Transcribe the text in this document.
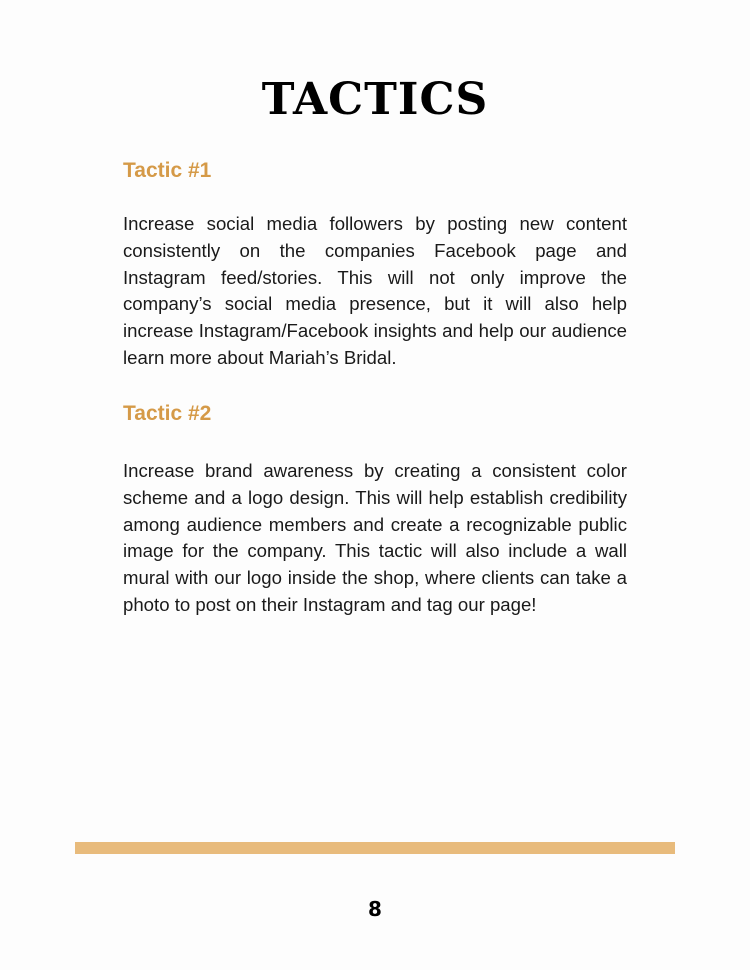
TACTICS
Tactic #1

Increase social media followers by posting new content consistently on the companies Facebook page and Instagram feed/stories. This will not only improve the company’s social media presence, but it will also help increase Instagram/Facebook insights and help our audience learn more about Mariah’s Bridal.

Tactic #2

Increase brand awareness by creating a consistent color scheme and a logo design. This will help establish credibility among audience members and create a recognizable public image for the company. This tactic will also include a wall mural with our logo inside the shop, where clients can take a photo to post on their Instagram and tag our page!

8
